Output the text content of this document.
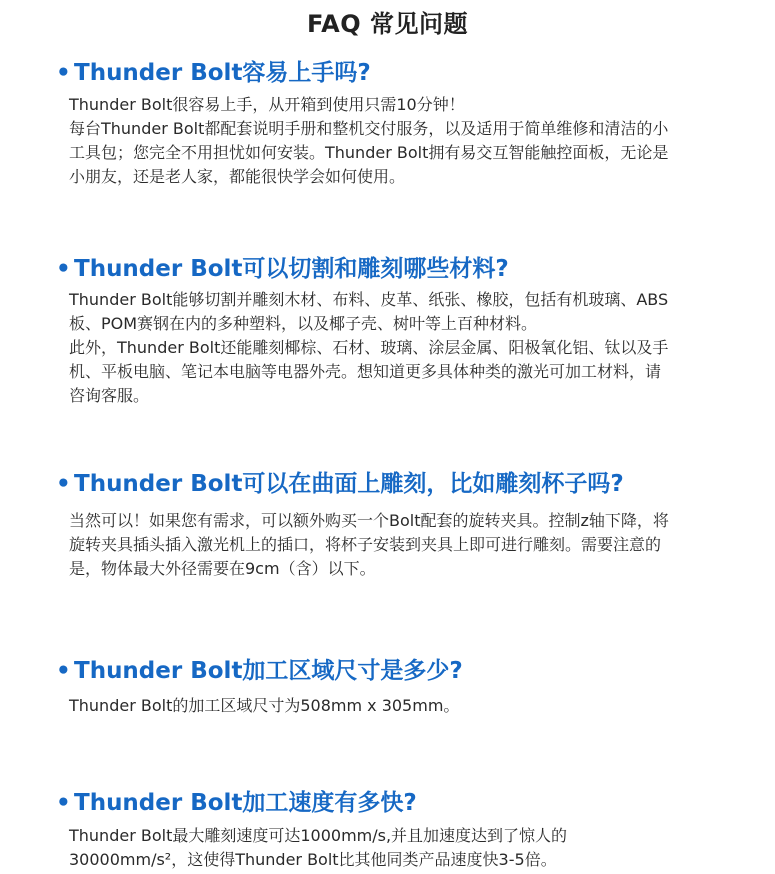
FAQ 常见问题
• Thunder Bolt容易上手吗?

Thunder Bolt很容易上手，从开箱到使用只需10分钟！

每台Thunder Bolt都配套说明手册和整机交付服务，以及适用于简单维修和清洁的小工具包；您完全不用担忧如何安装。Thunder Bolt拥有易交互智能触控面板，无论是小朋友，还是老人家，都能很快学会如何使用。

• Thunder Bolt可以切割和雕刻哪些材料?

Thunder Bolt能够切割并雕刻木材、布料、皮革、纸张、橡胶，包括有机玻璃、ABS板、POM赛钢在内的多种塑料，以及椰子壳、树叶等上百种材料。

此外，Thunder Bolt还能雕刻椰棕、石材、玻璃、涂层金属、阳极氧化铝、钛以及手机、平板电脑、笔记本电脑等电器外壳。想知道更多具体种类的激光可加工材料，请咨询客服。

• Thunder Bolt可以在曲面上雕刻，比如雕刻杯子吗?

当然可以！如果您有需求，可以额外购买一个Bolt配套的旋转夹具。控制z轴下降，将旋转夹具插头插入激光机上的插口，将杯子安装到夹具上即可进行雕刻。需要注意的是，物体最大外径需要在9cm（含）以下。

• Thunder Bolt加工区域尺寸是多少?

Thunder Bolt的加工区域尺寸为508mm x 305mm。

• Thunder Bolt加工速度有多快?

Thunder Bolt最大雕刻速度可达1000mm/s,并且加速度达到了惊人的30000mm/s²，这使得Thunder Bolt比其他同类产品速度快3-5倍。
